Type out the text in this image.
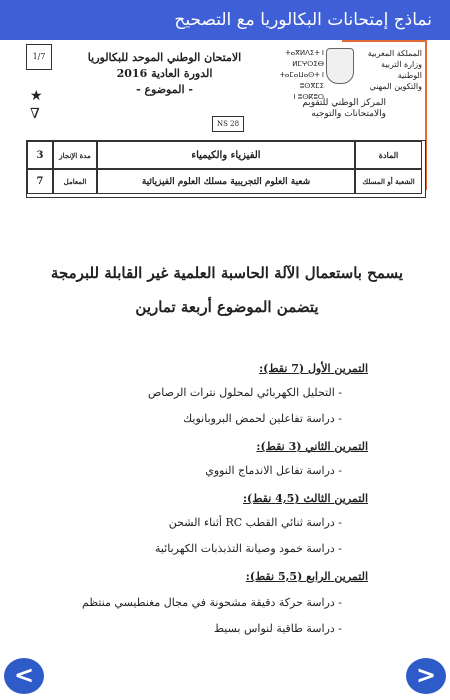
نماذج إمتحانات البكالوريا مع التصحيح
1/7
★
∇
الامتحان الوطني الموحد للبكالوريا
الدورة العادية 2016
- الموضوع -
NS 28
ⵜⴰⴳⵍⴷⵉⵜ ⵏ ⵍⵎⵖⵔⵉⴱ
ⵜⴰⵎⴰⵡⴰⵙⵜ ⵏ ⵓⵙⴳⵎⵉ
ⵏ ⵓⵙⴽⵓⵔ
المملكة المغربية
وزارة التربية الوطنية
والتكوين المهني
المركز الوطني للتقويم
والامتحانات والتوجيه
3	مدة الإنجاز	الفيزياء والكيمياء	المادة
7	المعامل	شعبة العلوم التجريبية مسلك العلوم الفيزيائية	الشعبة أو المسلك
يسمح باستعمال الآلة الحاسبة العلمية غير القابلة للبرمجة
يتضمن الموضوع أربعة تمارين
التمرين الأول (7 نقط):
- التحليل الكهربائي لمحلول نترات الرصاص
- دراسة تفاعلين لحمض البروبانويك
التمرين الثاني (3 نقط):
- دراسة تفاعل الاندماج النووي
التمرين الثالث (4,5 نقط):
- دراسة ثنائي القطب RC أثناء الشحن
- دراسة خمود وصيانة التذبذبات الكهربائية
التمرين الرابع (5,5 نقط):
- دراسة حركة دقيقة مشحونة في مجال مغنطيسي منتظم
- دراسة طاقية لنواس بسيط
<	>
